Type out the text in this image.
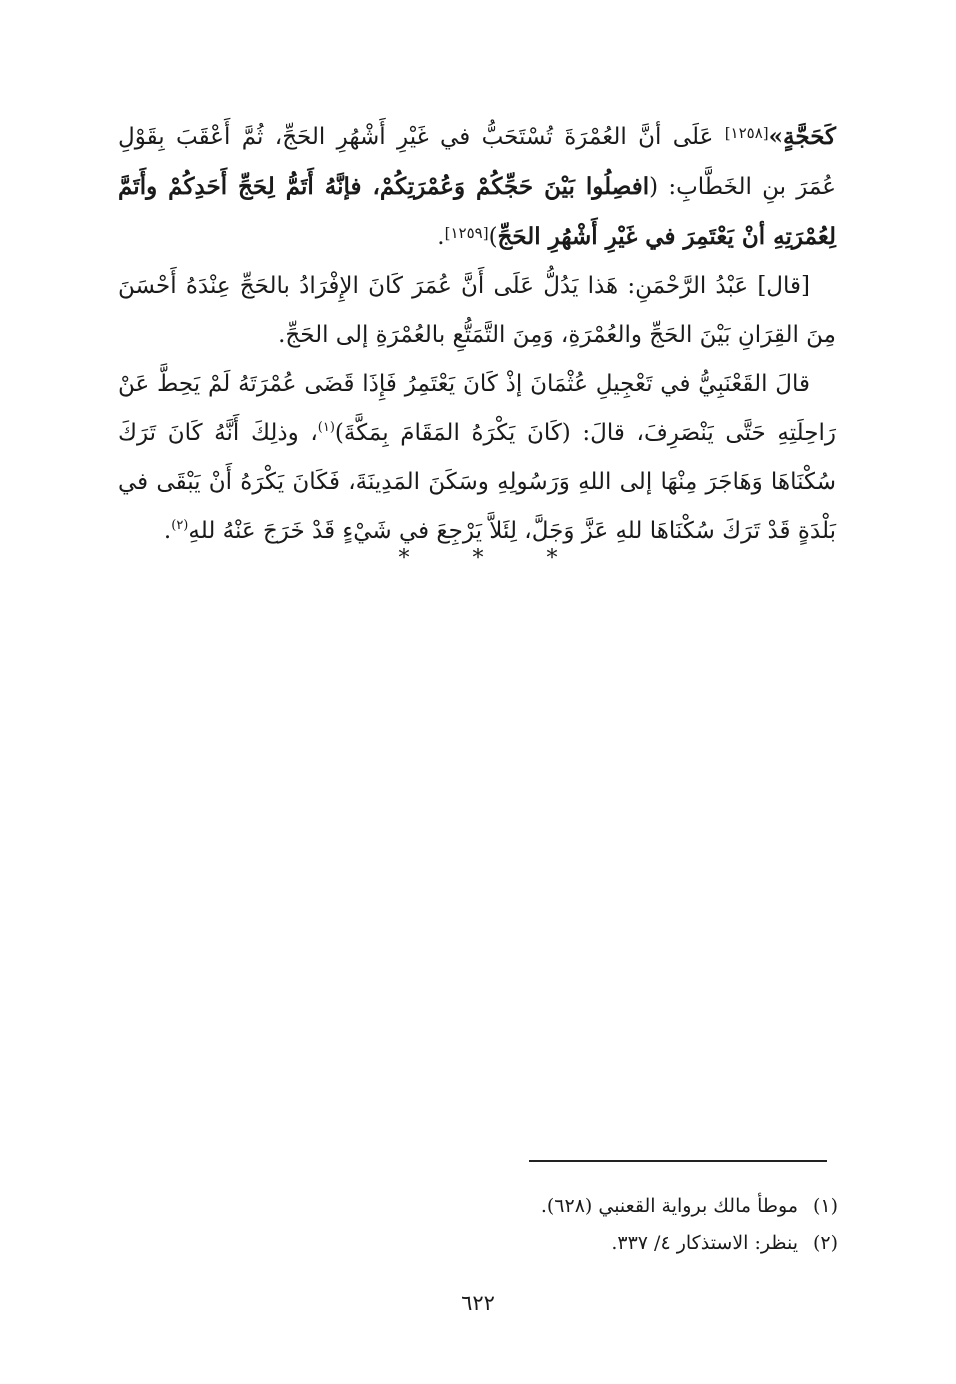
كَحَجَّةٍ»[١٢٥٨] عَلَى أنَّ العُمْرَةَ تُسْتَحَبُّ في غَيْرِ أَشْهُرِ الحَجِّ، ثُمَّ أَعْقَبَ بِقَوْلِ عُمَرَ بنِ الخَطَّابِ: (افصِلُوا بَيْنَ حَجِّكُمْ وَعُمْرَتِكُمْ، فإنَّهُ أَتَمُّ لِحَجِّ أَحَدِكُمْ وأَتَمَّ لِعُمْرَتِهِ أنْ يَعْتَمِرَ في غَيْرِ أَشْهُرِ الحَجِّ)[١٢٥٩].

[قال] عَبْدُ الرَّحْمَنِ: هَذا يَدُلُّ عَلَى أَنَّ عُمَرَ كَانَ الإِفْرَادُ بالحَجِّ عِنْدَهُ أَحْسَنَ مِنَ القِرَانِ بَيْنَ الحَجِّ والعُمْرَةِ، وَمِنَ التَّمَتُّعِ بالعُمْرَةِ إلى الحَجِّ.

قالَ القَعْنَبِيُّ في تَعْجِيلِ عُثْمَانَ إذْ كَانَ يَعْتَمِرُ فَإِذَا قَضَى عُمْرَتَهُ لَمْ يَحِطَّ عَنْ رَاحِلَتِهِ حَتَّى يَنْصَرِفَ، قالَ: (كَانَ يَكْرَهُ المَقَامَ بِمَكَّةَ)$^{(١)}$، وذلِكَ أَنَّهُ كَانَ تَرَكَ سُكْنَاهَا وَهَاجَرَ مِنْهَا إلى اللهِ وَرَسُولِهِ وسَكَنَ المَدِينَةَ، فَكَانَ يَكْرَهُ أَنْ يَبْقَى في بَلْدَةٍ قَدْ تَرَكَ سُكْنَاهَا للهِ عَزَّ وَجَلَّ، لِئَلاَّ يَرْجِعَ في شَيْءٍ قَدْ خَرَجَ عَنْهُ للهِ$^{(٢)}$.

* * *
(١)موطأ مالك برواية القعنبي (٦٢٨).
(٢)ينظر: الاستذكار ٤/ ٣٣٧.
٦٢٢
